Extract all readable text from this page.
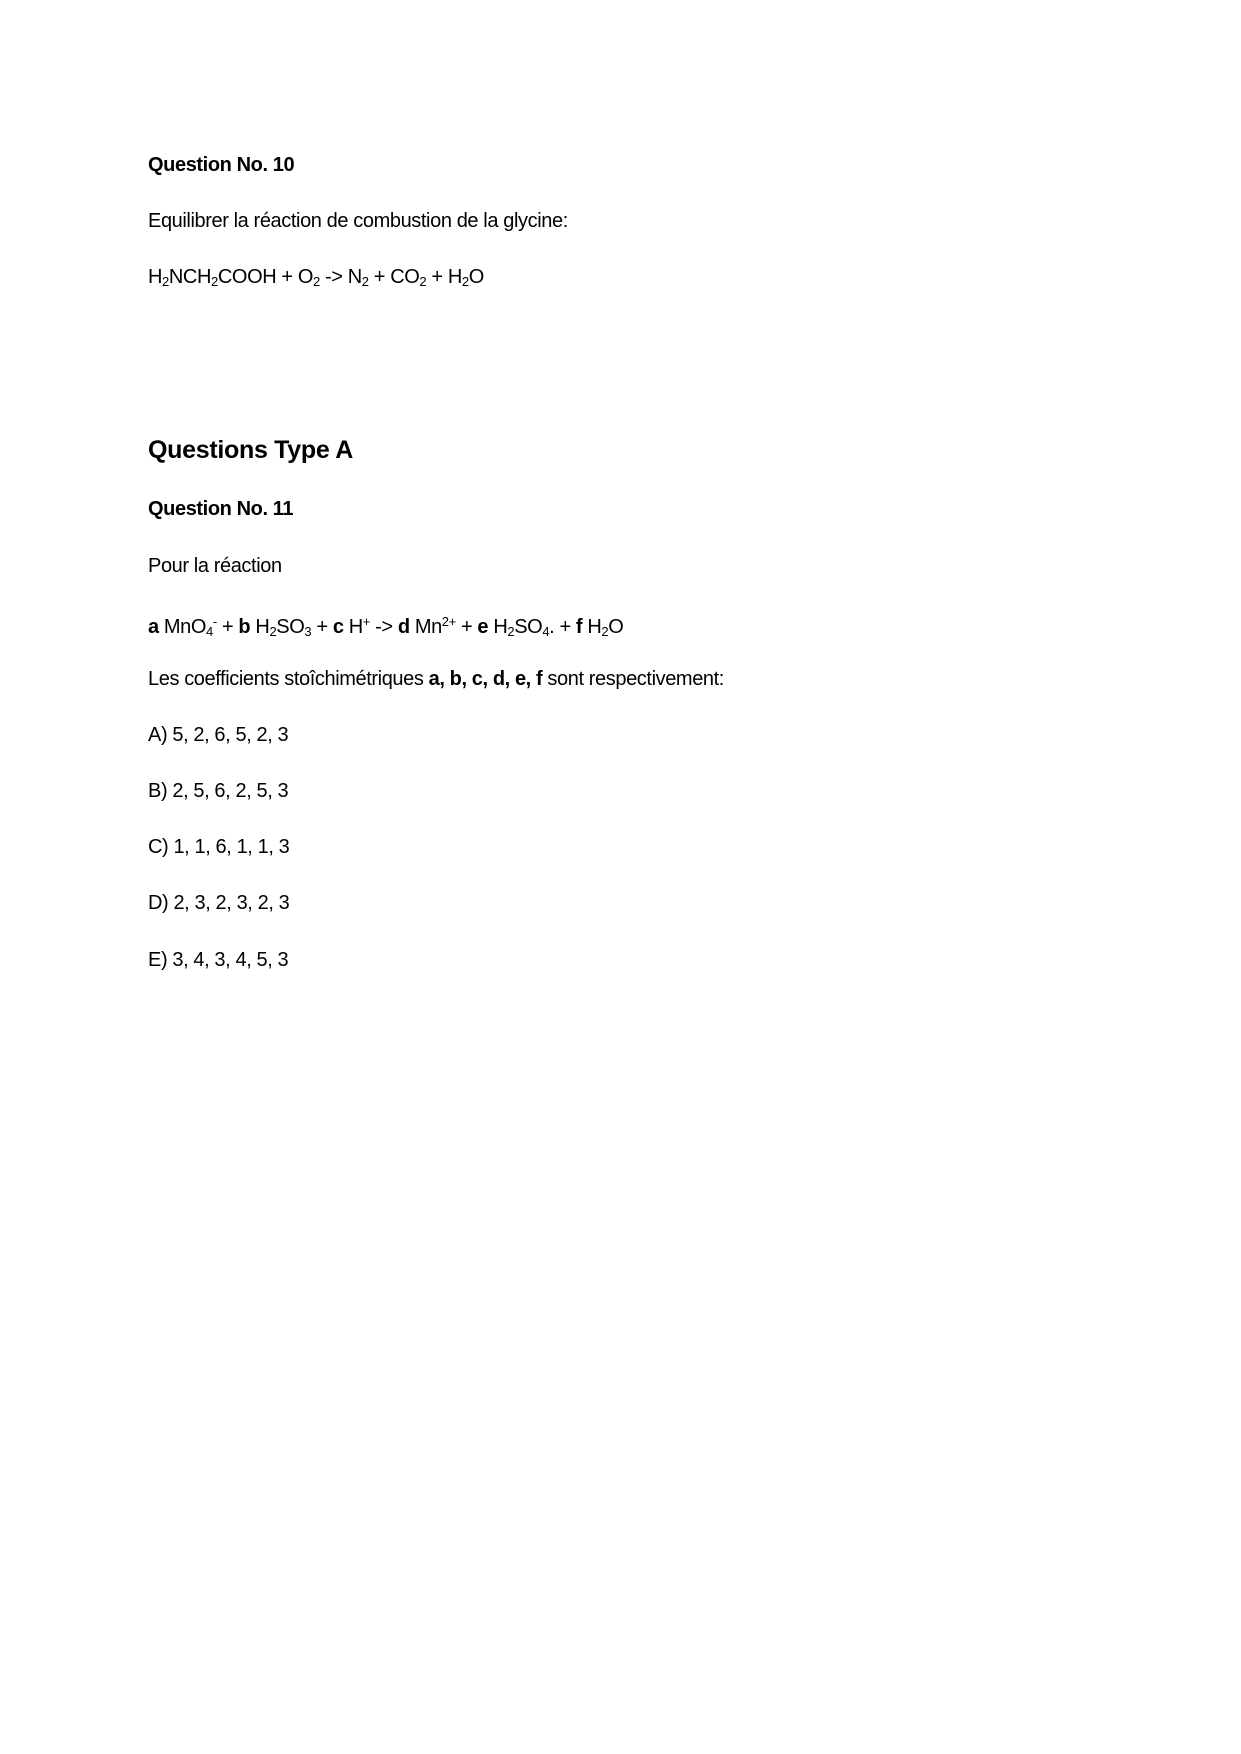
Question No. 10
Equilibrer la réaction de combustion de la glycine:
$H_2NCH_2COOH + O_2 -> N_2 + CO_2 + H_2O$
Questions Type A
Question No. 11
Pour la réaction
a MnO$_4$- + b $H_2SO_3 + c$ H+ -> d $Mn^{2+} + e$ $H_2SO_4$. + f $H_2O$
Les coefficients stoîchimétriques a, b, c, d, e, f sont respectivement:
A) 5, 2, 6, 5, 2, 3
B) 2, 5, 6, 2, 5, 3
C) 1, 1, 6, 1, 1, 3
D) 2, 3, 2, 3, 2, 3
E) 3, 4, 3, 4, 5, 3
